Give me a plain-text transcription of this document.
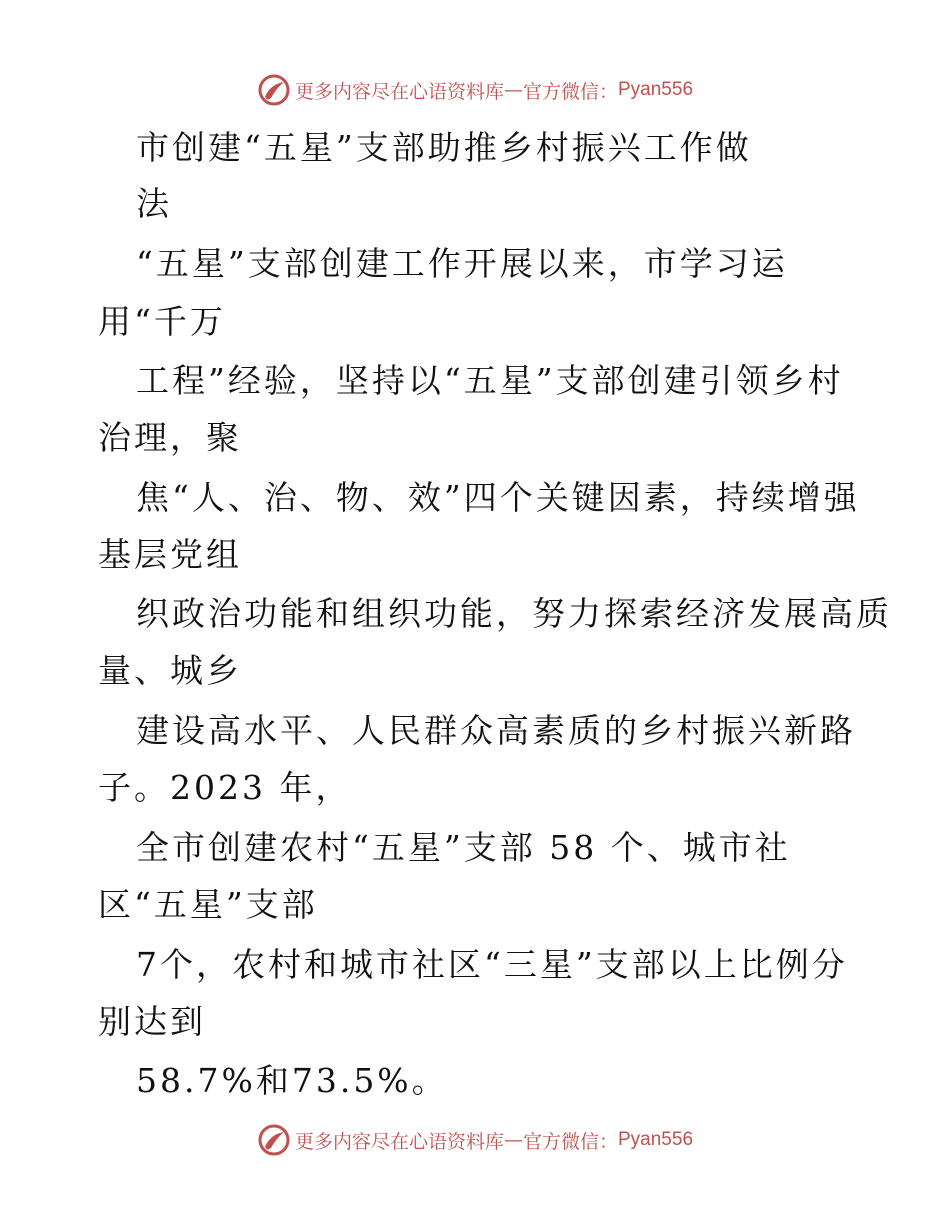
更多内容尽在心语资料库 — 官方微信： Pyan556
市创建“五星”支部助推乡村振兴工作做
法
“五星”支部创建工作开展以来，市学习运
用“千万
工程”经验，坚持以“五星”支部创建引领乡村
治理，聚
焦“人、治、物、效”四个关键因素，持续增强
基层党组
织政治功能和组织功能，努力探索经济发展高质
量、城乡
建设高水平、人民群众高素质的乡村振兴新路
子。2023 年，
全市创建农村“五星”支部 58 个、城市社
区“五星”支部
7个，农村和城市社区“三星”支部以上比例分
别达到
58.7%和73.5%。
更多内容尽在心语资料库 — 官方微信： Pyan556
